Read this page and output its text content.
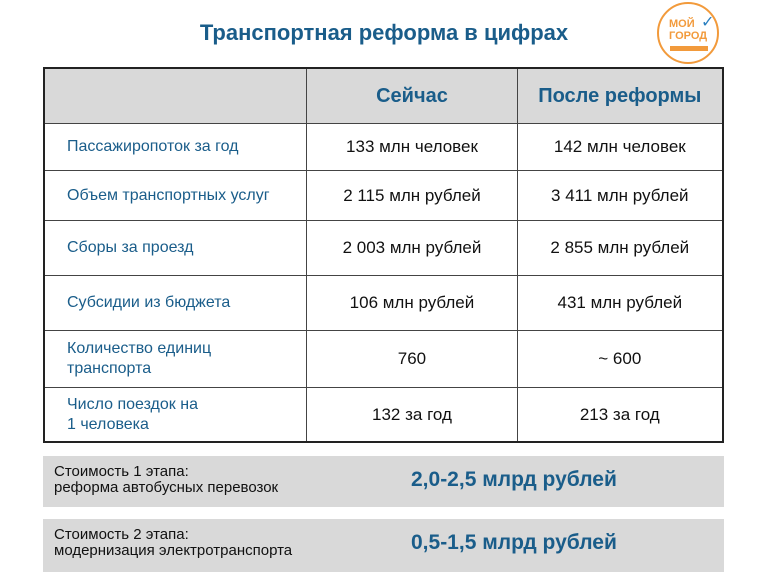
Транспортная реформа в цифрах	МОЙ
ГОРОД
✓
	Сейчас	После реформы
Пассажиропоток за год	133 млн человек	142 млн человек
Объем транспортных услуг	2 115 млн рублей	3 411 млн рублей
Сборы за проезд	2 003 млн рублей	2 855 млн рублей
Субсидии из бюджета	106 млн рублей	431 млн рублей
Количество единиц
транспорта	760	~ 600
Число поездок на
1 человека	132 за год	213 за год
Стоимость 1 этапа:
реформа автобусных перевозок	2,0-2,5 млрд рублей
Стоимость 2 этапа:
модернизация электротранспорта	0,5-1,5 млрд рублей
